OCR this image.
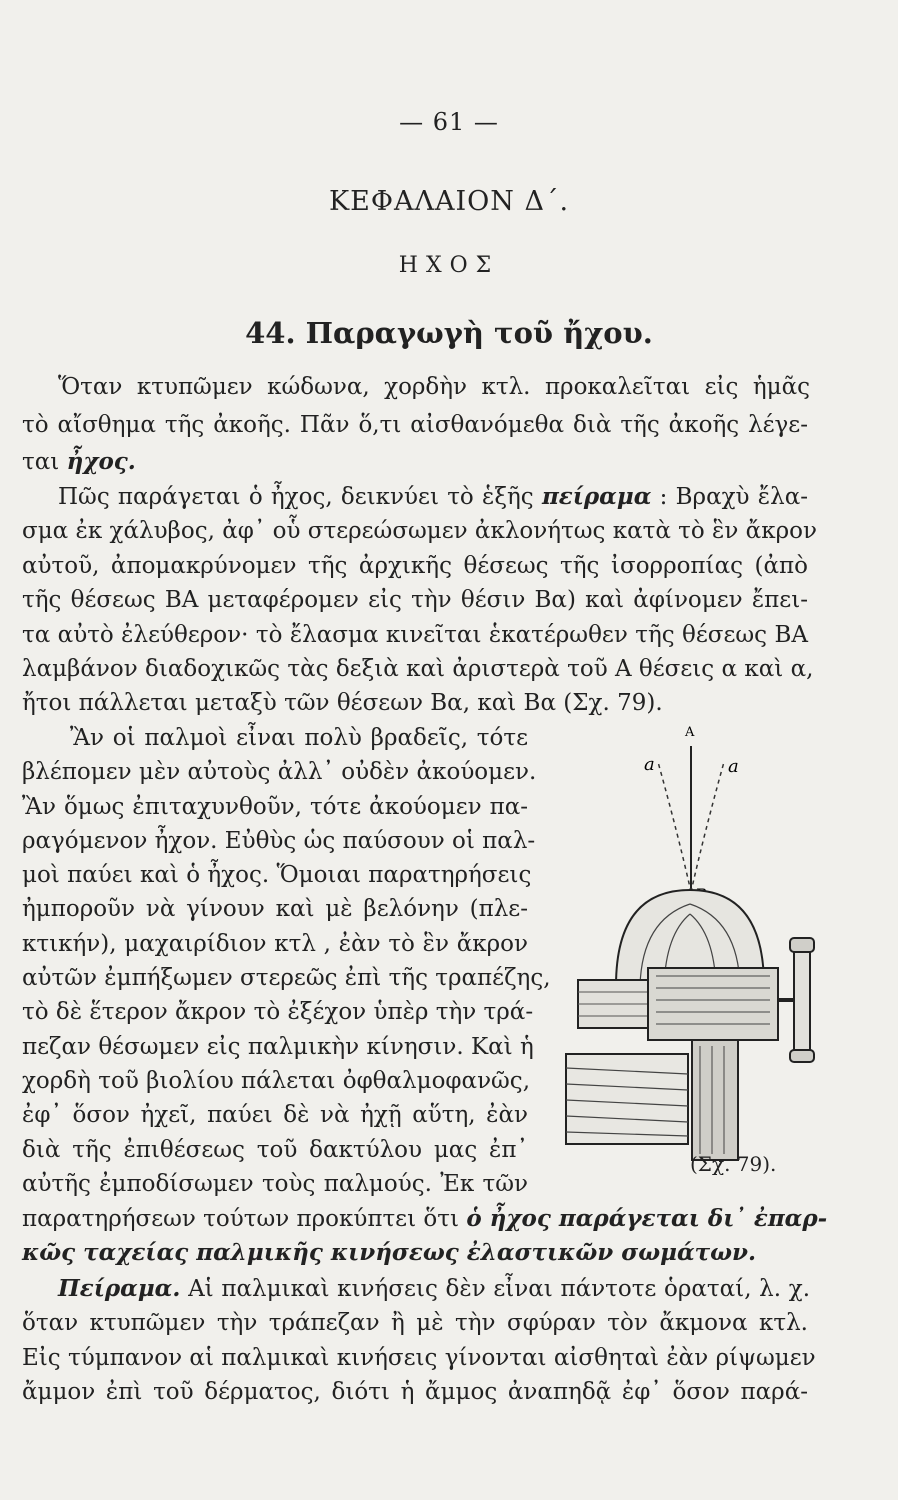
— 61 —
ΚΕΦΑΛΑΙΟΝ Δ΄.
ΗΧΟΣ
44. Παραγωγὴ τοῦ ἤχου.
Ὅταν κτυπῶμεν κώδωνα, χορδὴν κτλ. προκαλεῖται εἰς ἡμᾶς
τὸ αἴσθημα τῆς ἀκοῆς. Πᾶν ὅ,τι αἰσθανόμεθα διὰ τῆς ἀκοῆς λέγε-
ται ἦχος.
Πῶς παράγεται ὁ ἦχος, δεικνύει τὸ ἑξῆς πείραμα : Βραχὺ ἔλα-
σμα ἐκ χάλυβος, ἀφ᾽ οὗ στερεώσωμεν ἀκλονήτως κατὰ τὸ ἓν ἄκρον
αὐτοῦ, ἀπομακρύνομεν τῆς ἀρχικῆς θέσεως τῆς ἰσορροπίας (ἀπὸ
τῆς θέσεως ΒΑ μεταφέρομεν εἰς τὴν θέσιν Βα) καὶ ἀφίνομεν ἔπει-
τα αὐτὸ ἐλεύθερον· τὸ ἔλασμα κινεῖται ἑκατέρωθεν τῆς θέσεως ΒΑ
λαμβάνον διαδοχικῶς τὰς δεξιὰ καὶ ἀριστερὰ τοῦ Α θέσεις α καὶ α,
ἤτοι πάλλεται μεταξὺ τῶν θέσεων Βα, καὶ Βα (Σχ. 79).
Ἂν οἱ παλμοὶ εἶναι πολὺ βραδεῖς, τότε
βλέπομεν μὲν αὐτοὺς ἀλλ᾽ οὐδὲν ἀκούομεν.
Ἂν ὅμως ἐπιταχυνθοῦν, τότε ἀκούομεν πα-
ραγόμενον ἦχον. Εὐθὺς ὡς παύσουν οἱ παλ-
μοὶ παύει καὶ ὁ ἦχος. Ὅμοιαι παρατηρήσεις
ἠμποροῦν νὰ γίνουν καὶ μὲ βελόνην (πλε-
κτικήν), μαχαιρίδιον κτλ , ἐὰν τὸ ἓν ἄκρον
αὐτῶν ἐμπήξωμεν στερεῶς ἐπὶ τῆς τραπέζης,
τὸ δὲ ἕτερον ἄκρον τὸ ἐξέχον ὑπὲρ τὴν τρά-
πεζαν θέσωμεν εἰς παλμικὴν κίνησιν. Καὶ ἡ
χορδὴ τοῦ βιολίου πάλεται ὀφθαλμοφανῶς,
ἐφ᾽ ὅσον ἠχεῖ, παύει δὲ νὰ ἠχῇ αὕτη, ἐὰν
διὰ τῆς ἐπιθέσεως τοῦ δακτύλου μας ἐπ᾽
αὐτῆς ἐμποδίσωμεν τοὺς παλμούς. Ἐκ τῶν
παρατηρήσεων τούτων προκύπτει ὅτι ὁ ἦχος παράγεται δι᾽ ἐπαρ-
κῶς ταχείας παλμικῆς κινήσεως ἐλαστικῶν σωμάτων.
Πείραμα. Αἱ παλμικαὶ κινήσεις δὲν εἶναι πάντοτε ὁραταί, λ. χ.
ὅταν κτυπῶμεν τὴν τράπεζαν ἢ μὲ τὴν σφύραν τὸν ἄκμονα κτλ.
Εἰς τύμπανον αἱ παλμικαὶ κινήσεις γίνονται αἰσθηταὶ ἐὰν ρίψωμεν
ἄμμον ἐπὶ τοῦ δέρματος, διότι ἡ ἄμμος ἀναπηδᾷ ἐφ᾽ ὅσον παρά-
A
a	a
(Σχ. 79).
